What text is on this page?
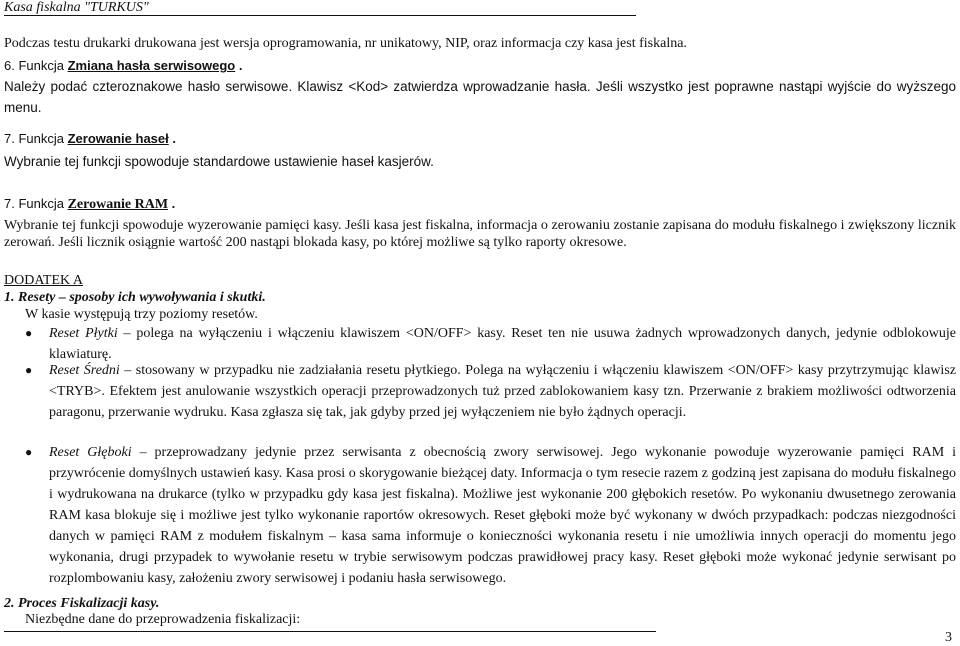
Kasa fiskalna "TURKUS"
Podczas testu drukarki drukowana jest wersja oprogramowania, nr unikatowy, NIP, oraz informacja czy kasa jest fiskalna.
6. Funkcja Zmiana hasła serwisowego .
Należy podać czteroznakowe hasło serwisowe. Klawisz <Kod> zatwierdza wprowadzanie hasła. Jeśli wszystko jest poprawne nastąpi wyjście do wyższego menu.
7. Funkcja Zerowanie haseł .
Wybranie tej funkcji spowoduje standardowe ustawienie haseł kasjerów.
7. Funkcja Zerowanie RAM .
Wybranie tej funkcji spowoduje wyzerowanie pamięci kasy. Jeśli kasa jest fiskalna, informacja o zerowaniu zostanie zapisana do modułu fiskalnego i zwiększony licznik zerowań. Jeśli licznik osiągnie wartość 200 nastąpi blokada kasy, po której możliwe są tylko raporty okresowe.
DODATEK A
1. Resety – sposoby ich wywoływania i skutki.
W kasie występują trzy poziomy resetów.
● Reset Płytki – polega na wyłączeniu i włączeniu klawiszem <ON/OFF> kasy. Reset ten nie usuwa żadnych wprowadzonych danych, jedynie odblokowuje klawiaturę.
● Reset Średni – stosowany w przypadku nie zadziałania resetu płytkiego. Polega na wyłączeniu i włączeniu klawiszem <ON/OFF> kasy przytrzymując klawisz <TRYB>. Efektem jest anulowanie wszystkich operacji przeprowadzonych tuż przed zablokowaniem kasy tzn. Przerwanie z brakiem możliwości odtworzenia paragonu, przerwanie wydruku. Kasa zgłasza się tak, jak gdyby przed jej wyłączeniem nie było żądnych operacji.
● Reset Głęboki – przeprowadzany jedynie przez serwisanta z obecnością zwory serwisowej. Jego wykonanie powoduje wyzerowanie pamięci RAM i przywrócenie domyślnych ustawień kasy. Kasa prosi o skorygowanie bieżącej daty. Informacja o tym resecie razem z godziną jest zapisana do modułu fiskalnego i wydrukowana na drukarce (tylko w przypadku gdy kasa jest fiskalna). Możliwe jest wykonanie 200 głębokich resetów. Po wykonaniu dwusetnego zerowania RAM kasa blokuje się i możliwe jest tylko wykonanie raportów okresowych. Reset głęboki może być wykonany w dwóch przypadkach: podczas niezgodności danych w pamięci RAM z modułem fiskalnym – kasa sama informuje o konieczności wykonania resetu i nie umożliwia innych operacji do momentu jego wykonania, drugi przypadek to wywołanie resetu w trybie serwisowym podczas prawidłowej pracy kasy. Reset głęboki może wykonać jedynie serwisant po rozplombowaniu kasy, założeniu zwory serwisowej i podaniu hasła serwisowego.
2. Proces Fiskalizacji kasy.
Niezbędne dane do przeprowadzenia fiskalizacji:
3
